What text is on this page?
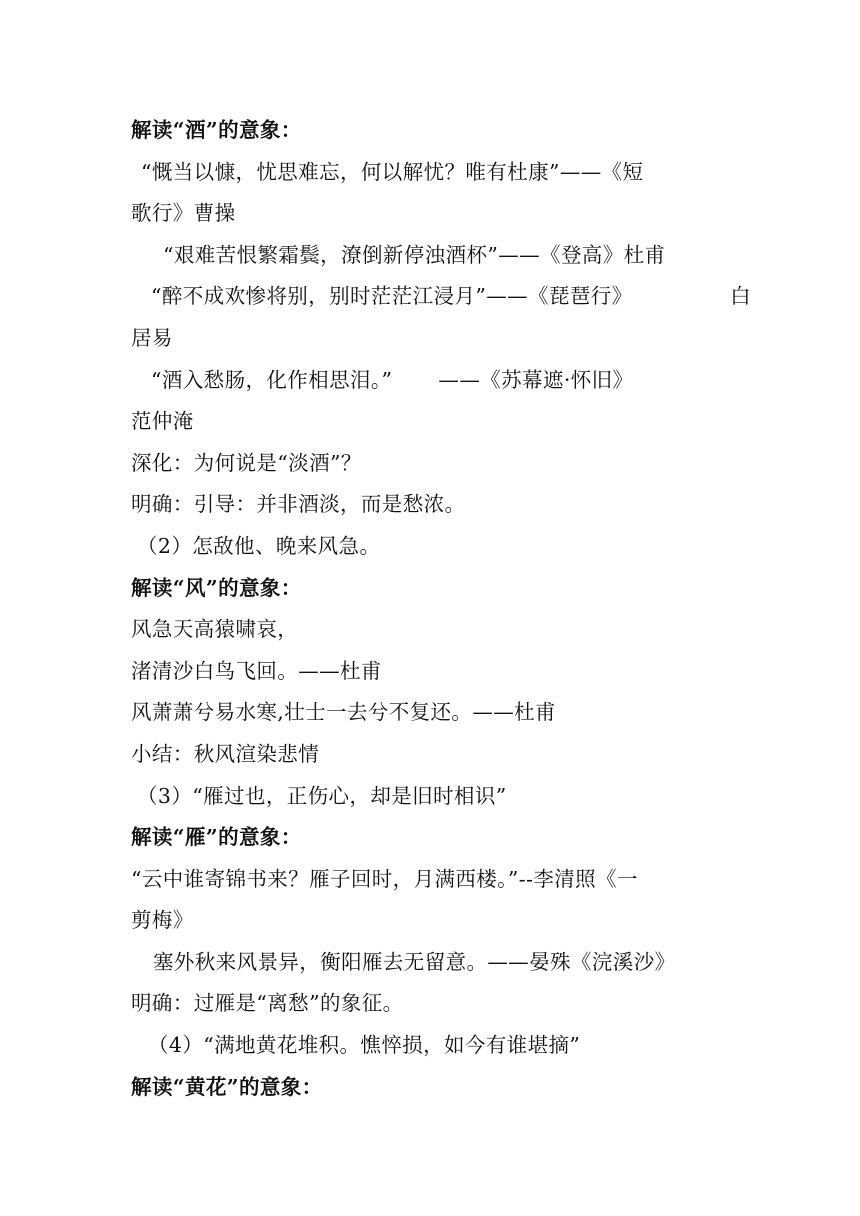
解读“酒”的意象：
“慨当以慷，忧思难忘，何以解忧？唯有杜康”——《短
歌行》曹操
“艰难苦恨繁霜鬓，潦倒新停浊酒杯”——《登高》杜甫
“醉不成欢惨将别，别时茫茫江浸月”——《琵琶行》	白
居易
“酒入愁肠，化作相思泪。” ——《苏幕遮·怀旧》
范仲淹
深化：为何说是“淡酒”？
明确：引导：并非酒淡，而是愁浓。
（2）怎敌他、晚来风急。
解读“风”的意象：
风急天高猿啸哀，
渚清沙白鸟飞回。——杜甫
风萧萧兮易水寒,壮士一去兮不复还。——杜甫
小结：秋风渲染悲情
（3）“雁过也，正伤心，却是旧时相识”
解读“雁”的意象：
“云中谁寄锦书来？雁子回时，月满西楼。”--李清照《一
剪梅》
塞外秋来风景异，衡阳雁去无留意。——晏殊《浣溪沙》
明确：过雁是“离愁”的象征。
（4）“满地黄花堆积。憔悴损，如今有谁堪摘”
解读“黄花”的意象：
